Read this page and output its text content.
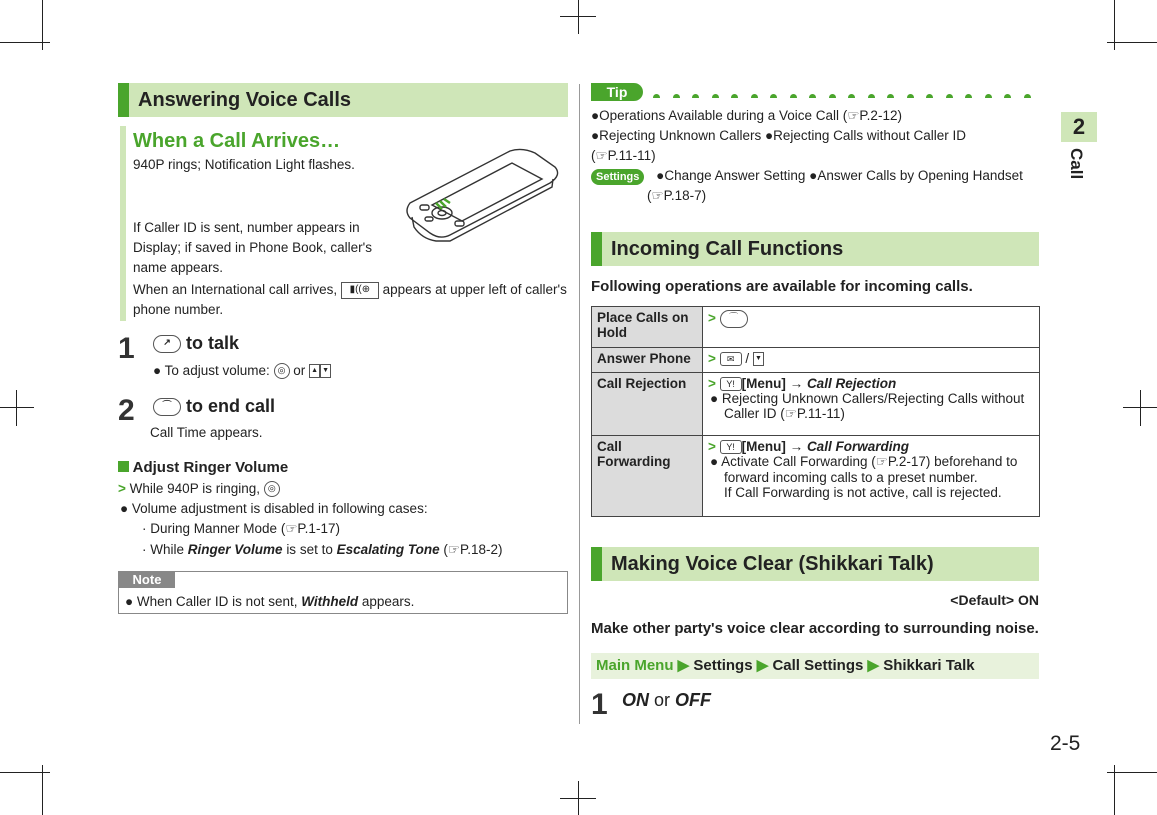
2
Call
2-5
Answering Voice Calls
When a Call Arrives…
940P rings; Notification Light flashes.
If Caller ID is sent, number appears in
Display; if saved in Phone Book, caller's
name appears.
When an International call arrives, ▮((⊕ appears at upper left of caller's
phone number.
1	↗ to talk
● To adjust volume: ◎ or ▲ ▼
2	⌒ to end call
Call Time appears.
Adjust Ringer Volume
> While 940P is ringing, ◎
● Volume adjustment is disabled in following cases:
· During Manner Mode (☞P.1-17)
· While Ringer Volume is set to Escalating Tone (☞P.18-2)
Note
● When Caller ID is not sent, Withheld appears.
Tip
●Operations Available during a Voice Call (☞P.2-12)
●Rejecting Unknown Callers ●Rejecting Calls without Caller ID
(☞P.11-11)
Settings ●Change Answer Setting ●Answer Calls by Opening Handset
(☞P.18-7)
Incoming Call Functions
Following operations are available for incoming calls.
Place Calls on Hold	> ⌒
Answer Phone	> ✉ / ▼
Call Rejection	> Y! [Menu] → Call Rejection
● Rejecting Unknown Callers/Rejecting Calls without
Caller ID (☞P.11-11)

Call Forwarding	> Y! [Menu] → Call Forwarding
● Activate Call Forwarding (☞P.2-17) beforehand to
forward incoming calls to a preset number.
If Call Forwarding is not active, call is rejected.
Making Voice Clear (Shikkari Talk)
<Default> ON
Make other party's voice clear according to surrounding noise.
Main Menu ▶ Settings ▶ Call Settings ▶ Shikkari Talk
1 ON or OFF
